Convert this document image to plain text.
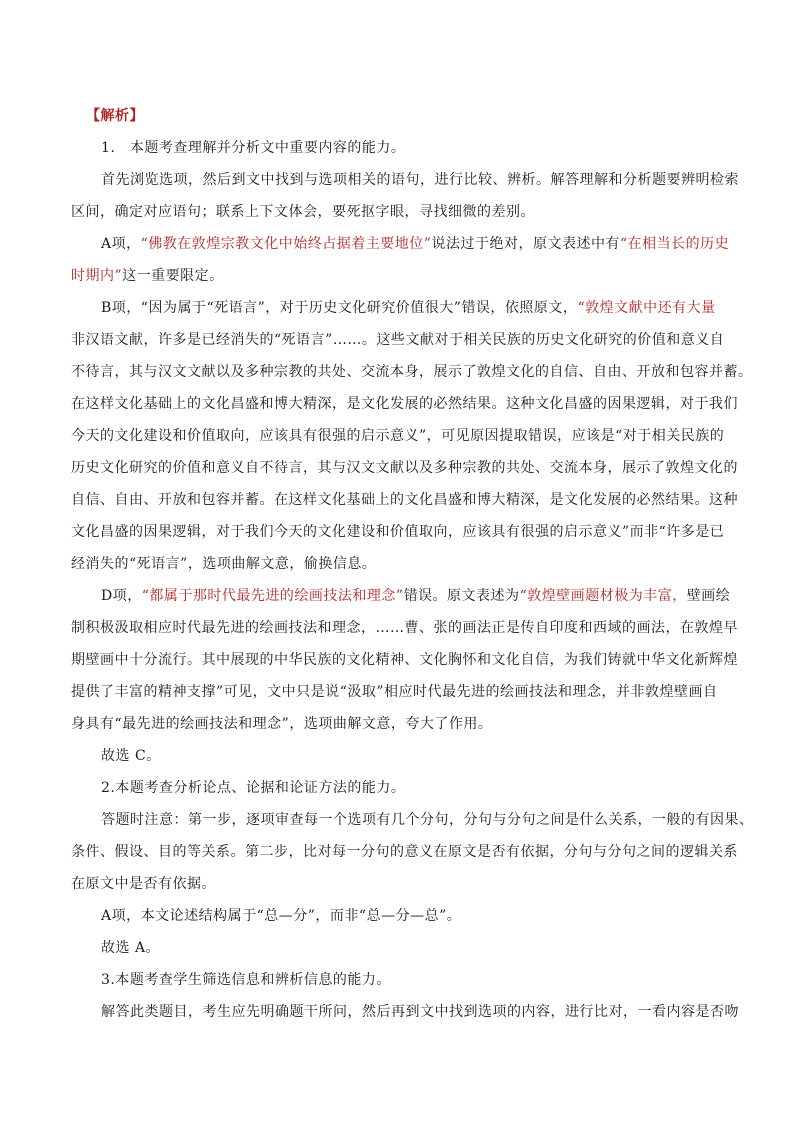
【解析】
1.　本题考查理解并分析文中重要内容的能力。
首先浏览选项，然后到文中找到与选项相关的语句，进行比较、辨析。解答理解和分析题要辨明检索
区间，确定对应语句；联系上下文体会，要死抠字眼，寻找细微的差别。
A项，“佛教在敦煌宗教文化中始终占据着主要地位”说法过于绝对，原文表述中有“在相当长的历史
时期内”这一重要限定。
B项，“因为属于“死语言”，对于历史文化研究价值很大”错误，依照原文，“敦煌文献中还有大量
非汉语文献，许多是已经消失的“死语言”……。这些文献对于相关民族的历史文化研究的价值和意义自
不待言，其与汉文文献以及多种宗教的共处、交流本身，展示了敦煌文化的自信、自由、开放和包容并蓄。
在这样文化基础上的文化昌盛和博大精深，是文化发展的必然结果。这种文化昌盛的因果逻辑，对于我们
今天的文化建设和价值取向，应该具有很强的启示意义”，可见原因提取错误，应该是“对于相关民族的
历史文化研究的价值和意义自不待言，其与汉文文献以及多种宗教的共处、交流本身，展示了敦煌文化的
自信、自由、开放和包容并蓄。在这样文化基础上的文化昌盛和博大精深，是文化发展的必然结果。这种
文化昌盛的因果逻辑，对于我们今天的文化建设和价值取向，应该具有很强的启示意义”而非“许多是已
经消失的“死语言”，选项曲解文意，偷换信息。
D项，“都属于那时代最先进的绘画技法和理念”错误。原文表述为“敦煌壁画题材极为丰富，壁画绘
制积极汲取相应时代最先进的绘画技法和理念，……曹、张的画法正是传自印度和西域的画法，在敦煌早
期壁画中十分流行。其中展现的中华民族的文化精神、文化胸怀和文化自信，为我们铸就中华文化新辉煌
提供了丰富的精神支撑”可见，文中只是说“汲取”相应时代最先进的绘画技法和理念，并非敦煌壁画自
身具有“最先进的绘画技法和理念”，选项曲解文意，夸大了作用。
故选 C。
2.本题考查分析论点、论据和论证方法的能力。
答题时注意：第一步，逐项审查每一个选项有几个分句，分句与分句之间是什么关系，一般的有因果、
条件、假设、目的等关系。第二步，比对每一分句的意义在原文是否有依据，分句与分句之间的逻辑关系
在原文中是否有依据。
A项，本文论述结构属于“总—分”，而非“总—分—总”。
故选 A。
3.本题考查学生筛选信息和辨析信息的能力。
解答此类题目，考生应先明确题干所问，然后再到文中找到选项的内容，进行比对，一看内容是否吻
